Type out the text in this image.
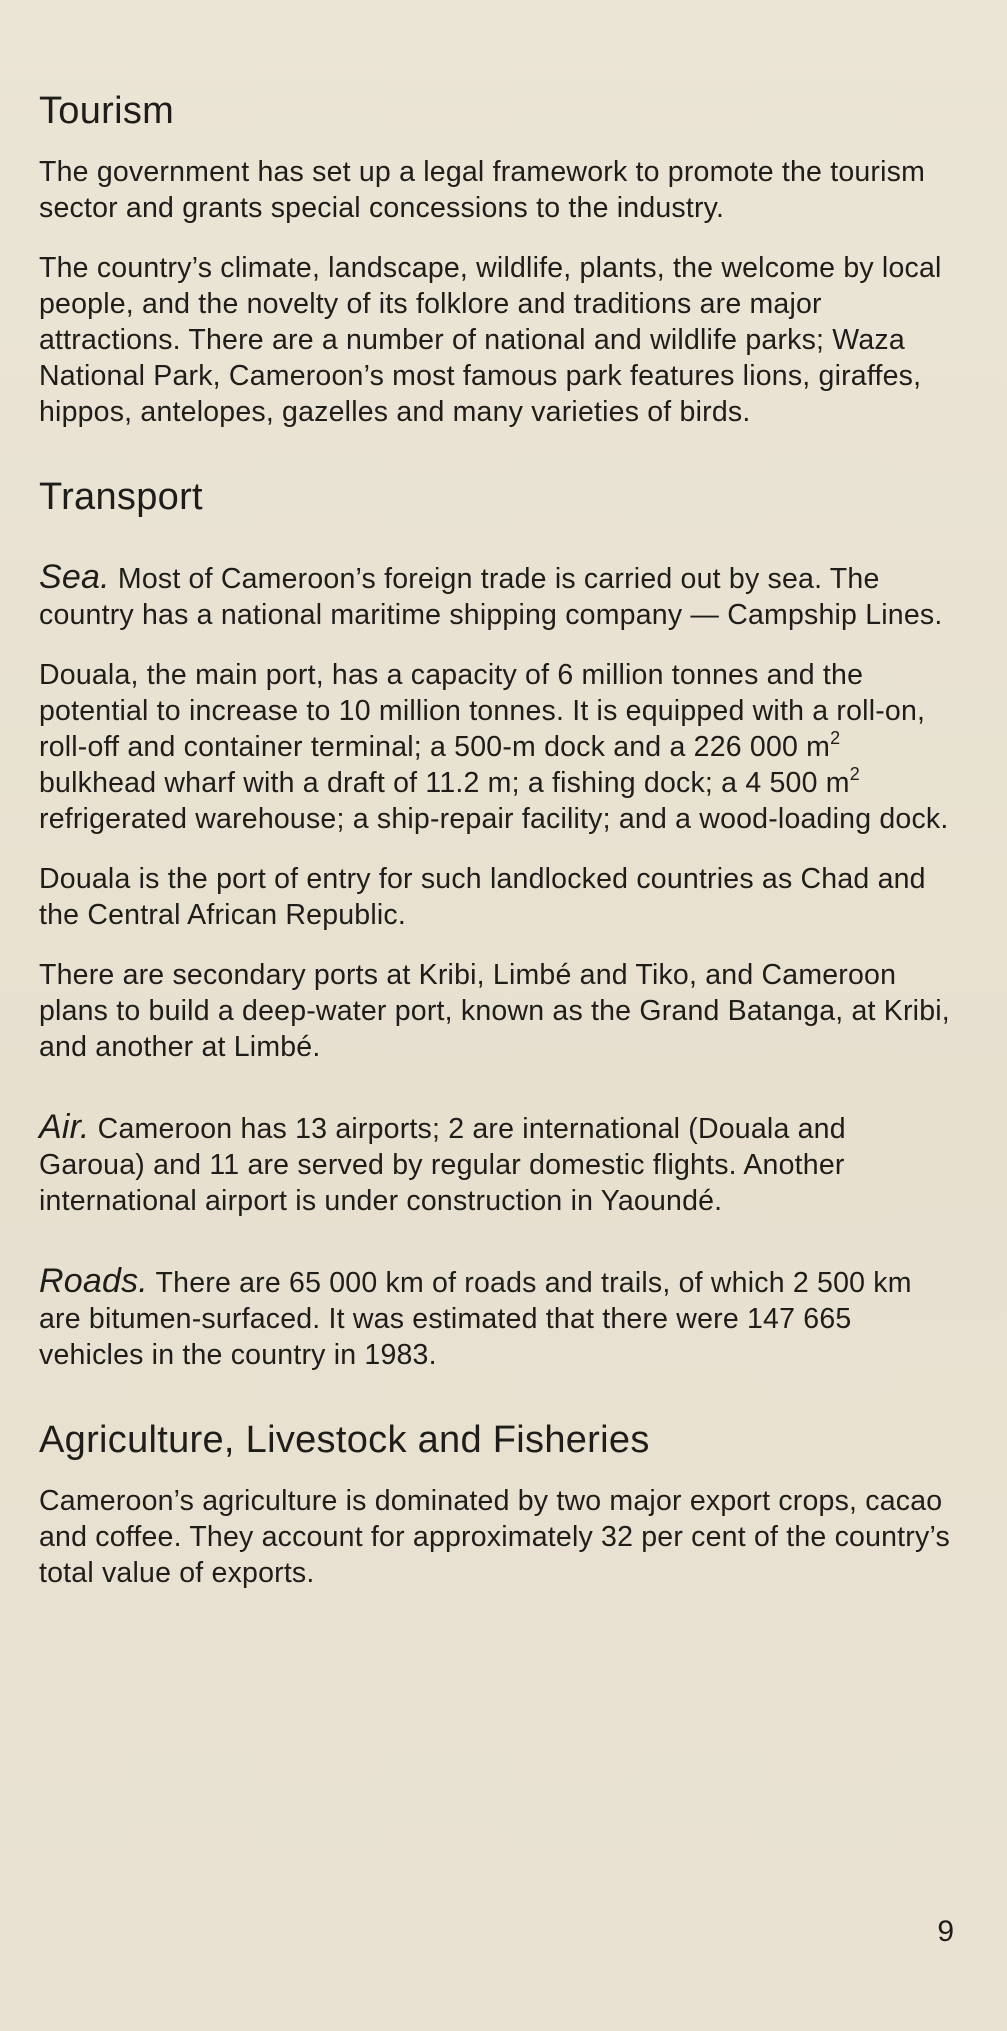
Tourism

The government has set up a legal framework to promote the tourism sector and grants special concessions to the industry.

The country’s climate, landscape, wildlife, plants, the welcome by local people, and the novelty of its folklore and traditions are major attractions. There are a number of national and wildlife parks; Waza National Park, Cameroon’s most famous park features lions, giraffes, hippos, antelopes, gazelles and many varieties of birds.

Transport

Sea. Most of Cameroon’s foreign trade is carried out by sea. The country has a national maritime shipping company — Campship Lines.

Douala, the main port, has a capacity of 6 million tonnes and the potential to increase to 10 million tonnes. It is equipped with a roll-on, roll-off and container terminal; a 500-m dock and a 226 000 $m^2$ bulkhead wharf with a draft of 11.2 m; a fishing dock; a 4 500 $m^2$ refrigerated warehouse; a ship-repair facility; and a wood-loading dock.

Douala is the port of entry for such landlocked countries as Chad and the Central African Republic.

There are secondary ports at Kribi, Limbé and Tiko, and Cameroon plans to build a deep-water port, known as the Grand Batanga, at Kribi, and another at Limbé.

Air. Cameroon has 13 airports; 2 are international (Douala and Garoua) and 11 are served by regular domestic flights. Another international airport is under construction in Yaoundé.

Roads. There are 65 000 km of roads and trails, of which 2 500 km are bitumen-surfaced. It was estimated that there were 147 665 vehicles in the country in 1983.

Agriculture, Livestock and Fisheries

Cameroon’s agriculture is dominated by two major export crops, cacao and coffee. They account for approximately 32 per cent of the country’s total value of exports.

9
